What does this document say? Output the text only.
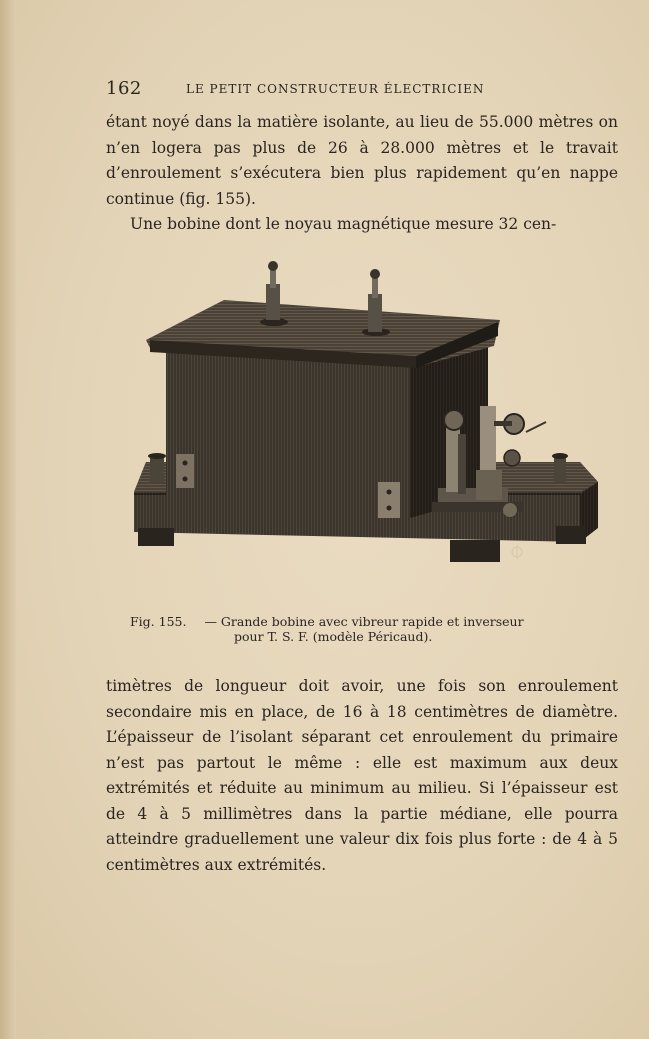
162	LE PETIT CONSTRUCTEUR ÉLECTRICIEN

étant noyé dans la matière isolante, au lieu de 55.000 mètres on n’en logera pas plus de 26 à 28.000 mètres et le travait d’enroulement s’exécutera bien plus rapidement qu’en nappe continue (fig. 155).

Une bobine dont le noyau magnétique mesure 32 cen-

Fig. 155. — Grande bobine avec vibreur rapide et inverseur
pour T. S. F. (modèle Péricaud).

timètres de longueur doit avoir, une fois son enroulement secondaire mis en place, de 16 à 18 centimètres de diamètre. L’épaisseur de l’isolant séparant cet enroulement du primaire n’est pas partout le même : elle est maximum aux deux extrémités et réduite au minimum au milieu. Si l’épaisseur est de 4 à 5 millimètres dans la partie médiane, elle pourra atteindre graduellement une valeur dix fois plus forte : de 4 à 5 centimètres aux extrémités.
